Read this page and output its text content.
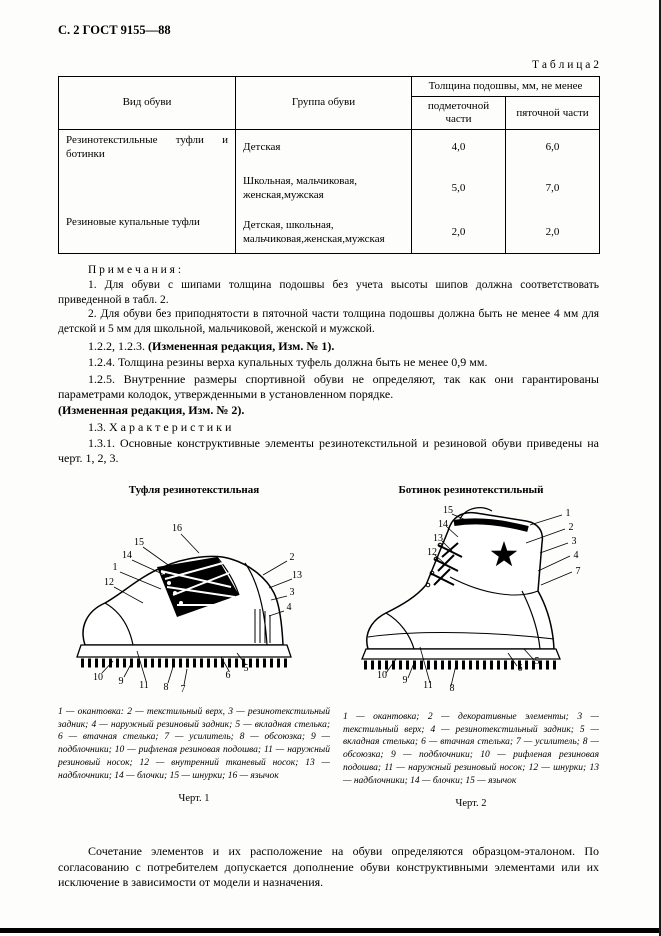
С. 2 ГОСТ 9155—88
Т а б л и ц а 2
Вид обуви	Группа обуви	Толщина подошвы, мм, не менее	
		подметочной части	пяточной части
Резинотекстильные туфли и ботинки	Детская	4,0	6,0
	Школьная, мальчиковая, женская,мужская	5,0	7,0
Резиновые купальные туфли	Детская, школьная, мальчиковая,женская,мужская	2,0	2,0
П р и м е ч а н и я :
1. Для обуви с шипами толщина подошвы без учета высоты шипов должна соответствовать приведенной в табл. 2.
2. Для обуви без приподнятости в пяточной части толщина подошвы должна быть не менее 4 мм для детской и 5 мм для школьной, мальчиковой, женской и мужской.

1.2.2, 1.2.3. (Измененная редакция, Изм. № 1).

1.2.4. Толщина резины верха купальных туфель должна быть не менее 0,9 мм.

1.2.5. Внутренние размеры спортивной обуви не определяют, так как они гарантированы параметрами колодок, утвержденными в установленном порядке.

(Измененная редакция, Изм. № 2).

1.3. Х а р а к т е р и с т и к и

1.3.1. Основные конструктивные элементы резинотекстильной и резиновой обуви приведены на черт. 1, 2, 3.

Туфля резинотекстильная
16
15
14
1
12
2
13
3
4
10 9 11 8 7
6
5
1 — окантовка: 2 — текстильный верх, 3 — резинотекстильный задник; 4 — наружный резиновый задник; 5 — вкладная стелька; 6 — втачная стелька; 7 — усилитель; 8 — обсоюзка; 9 — подблочники; 10 — рифленая резиновая подошва; 11 — наружный резиновый носок; 12 — внутренний тканевый носок; 13 — надблочники; 14 — блочки; 15 — шнурки; 16 — язычок
Черт. 1
Ботинок резинотекстильный
15
14
13
12
1
2
3
4
7
10 9 11 8
6
5
1 — окантовка; 2 — декоративные элементы; 3 — текстильный верх; 4 — резинотекстильный задник; 5 — вкладная стелька; 6 — втачная стелька; 7 — усилитель; 8 — обсоюзка; 9 — подблочники; 10 — рифленая резиновая подошва; 11 — наружный резиновый носок; 12 — шнурки; 13 — надблочники; 14 — блочки; 15 — язычок
Черт. 2
Сочетание элементов и их расположение на обуви определяются образцом-эталоном. По согласованию с потребителем допускается дополнение обуви конструктивными элементами или их исключение в зависимости от модели и назначения.
